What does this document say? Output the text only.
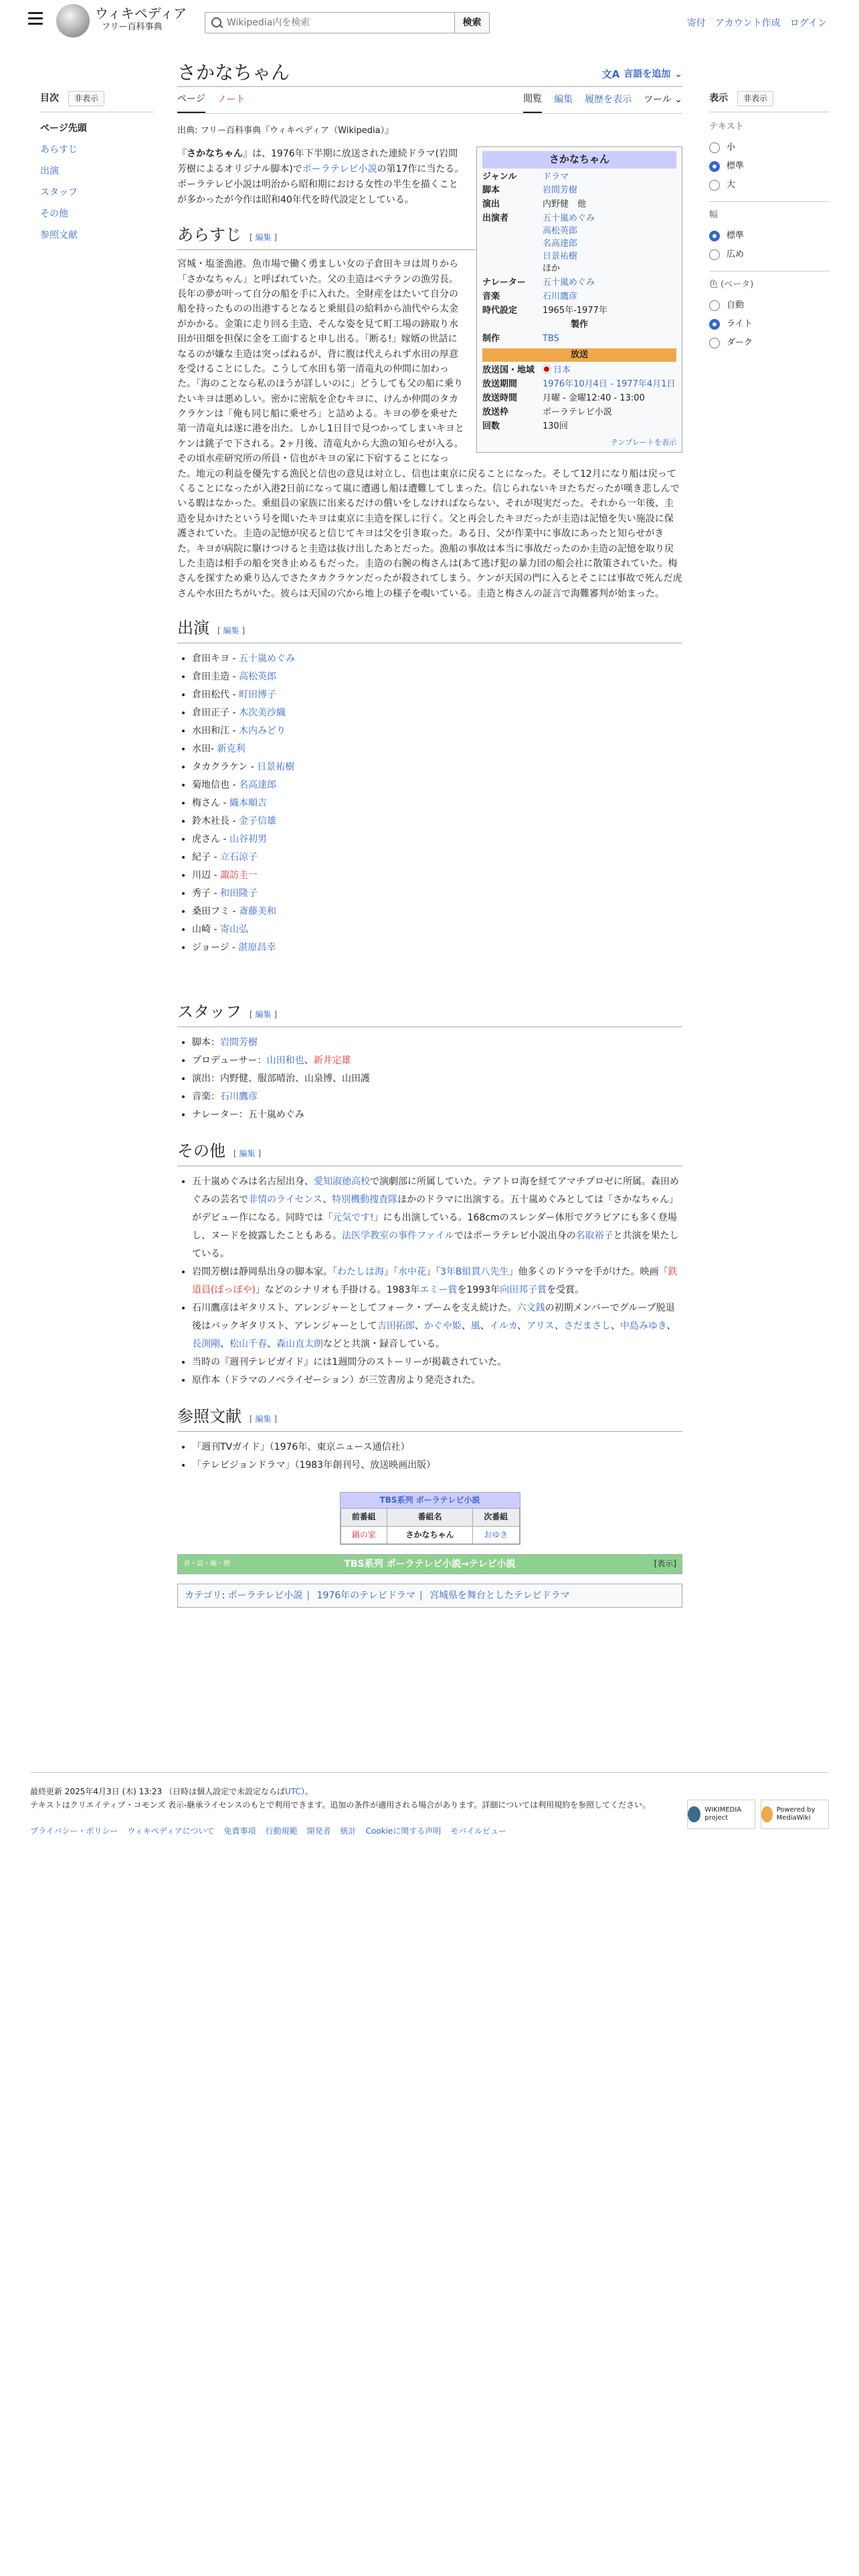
ウィキペディア
フリー百科事典
Wikipedia内を検索	検索	寄付 アカウント作成 ログイン
目次	非表示
ページ先頭
あらすじ
出演
スタッフ
その他
参照文献
表示	非表示
テキスト
小
標準
大
幅
標準
広め
色 (ベータ)
自動
ライト
ダーク
さかなちゃん	文A 言語を追加 ⌄
ページ ノート	閲覧 編集 履歴を表示 ツール
⌄
出典: フリー百科事典『ウィキペディア（Wikipedia）』
さかなちゃん
ジャンル	ドラマ
脚本	岩間芳樹
演出	内野健　他
出演者	五十嵐めぐみ
高松英郎
名高達郎
日景祐樹
ほか
ナレーター	五十嵐めぐみ
音楽	石川鷹彦
時代設定	1965年-1977年
製作
制作	TBS
放送
放送国・地域	日本
放送期間	1976年10月4日 - 1977年4月1日
放送時間	月曜 - 金曜12:40 - 13:00
放送枠	ポーラテレビ小説
回数	130回
テンプレートを表示

『さかなちゃん』は、1976年下半期に放送された連続ドラマ(岩間芳樹によるオリジナル脚本)でポーラテレビ小説の第17作に当たる。 ポーラテレビ小説は明治から昭和期における女性の半生を描くことが多かったが今作は昭和40年代を時代設定としている。

あらすじ [ 編集 ]

宮城・塩釜漁港。魚市場で働く勇ましい女の子倉田キヨは周りから「さかなちゃん」と呼ばれていた。父の圭造はベテランの漁労長。長年の夢が叶って自分の船を手に入れた。全財産をはたいて自分の船を持ったものの出港するとなると乗組員の給料から油代やら太金がかかる。金策に走り回る圭造、そんな姿を見て町工場の跡取り水田が田畑を担保に金を工面すると申し出る。「断る!」嫁婿の世話になるのが嫌な圭造は突っぱねるが、背に腹は代えられず水田の厚意を受けることにした。こうして水田も第一清竜丸の仲間に加わった。「海のことなら私のほうが詳しいのに」どうしても父の船に乗りたいキヨは悪めしい。密かに密航を企むキヨに、けんか仲間のタカクラケンは「俺も同じ船に乗せろ」と詰めよる。キヨの夢を乗せた第一清竜丸は遂に港を出た。しかし1日目で見つかってしまいキヨとケンは銚子で下される。2ヶ月後、清竜丸から大漁の知らせが入る。その頃水産研究所の所員・信也がキヨの家に下宿することになった。地元の利益を優先する漁民と信也の意見は対立し、信也は東京に戻ることになった。そして12月になり船は戻ってくることになったが入港2日前になって嵐に遭遇し船は遭難してしまった。信じられないキヨたちだったが嘆き悲しんでいる暇はなかった。乗組員の家族に出来るだけの償いをしなければならない、それが現実だった。それから一年後、圭造を見かけたという号を聞いたキヨは東京に圭造を探しに行く。父と再会したキヨだったが圭造は記憶を失い施設に保護されていた。圭造の記憶が戻ると信じてキヨは父を引き取った。ある日、父が作業中に事故にあったと知らせがきた。キヨが病院に駆けつけると圭造は抜け出したあとだった。漁船の事故は本当に事故だったのか圭造の記憶を取り戻した圭造は相手の船を突き止めるもだった。圭造の右腕の梅さんは(あて逃げ犯の暴力団の船会社に散策されていた。梅さんを探すため乗り込んでさたタカクラケンだったが殺されてしまう。ケンが天国の門に入るとそこには事故で死んだ虎さんや水田たちがいた。彼らは天国の穴から地上の様子を覗いている。圭造と梅さんの証言で海難審判が始まった。

出演 [ 編集 ]
• 倉田キヨ - 五十嵐めぐみ
• 倉田圭造 - 高松英郎
• 倉田松代 - 町田博子
• 倉田正子 - 木次美沙織
• 水田和江 - 木内みどり
• 水田- 新克利
• タカクラケン - 日景祐樹
• 菊地信也 - 名高達郎
• 梅さん - 織本順吉
• 鈴木社長 - 金子信雄
• 虎さん - 山谷初男
• 紀子 - 立石涼子
• 川辺 - 諏訪圭一
• 秀子 - 和田隆子
• 桑田フミ - 斎藤美和
• 山崎 - 寄山弘
• ジョージ - 湛原昌幸
スタッフ [ 編集 ]
• 脚本：岩間芳樹
• プロデューサー：山田和也、新井定雄
• 演出：内野健、服部晴治、山泉博、山田護
• 音楽：石川鷹彦
• ナレーター：五十嵐めぐみ
その他 [ 編集 ]
• 五十嵐めぐみは名古屋出身、愛知淑徳高校で演劇部に所属していた。テアトロ海を経てアマチプロゼに所属。森田めぐみの芸名で非情のライセンス、特別機動捜査隊ほかのドラマに出演する。五十嵐めぐみとしては「さかなちゃん」がデビュー作になる。同時では「元気です!」にも出演している。168cmのスレンダー体形でグラビアにも多く登場し、ヌードを披露したこともある。法医学教室の事件ファイルではポーラテレビ小説出身の名取裕子と共演を果たしている。
• 岩間芳樹は静岡県出身の脚本家。「わたしは海」「水中花」「3年B組貫八先生」他多くのドラマを手がけた。映画「鉄道員(ぽっぽや)」などのシナリオも手掛ける。1983年エミー賞を1993年向田邦子賞を受賞。
• 石川鷹彦はギタリスト、アレンジャーとしてフォーク・ブームを支え続けた。六文銭の初期メンバーでグループ脱退後はバックギタリスト、アレンジャーとして吉田拓郎、かぐや姫、風、イルカ、アリス、さだまさし、中島みゆき、長渕剛、松山千春、森山直太朗などと共演・録音している。
• 当時の『週刊テレビガイド』には1週間分のストーリーが掲載されていた。
• 原作本（ドラマのノベライゼーション）が三笠書房より発売された。
参照文献 [ 編集 ]
• 「週刊TVガイド」（1976年、東京ニュース通信社）
• 「テレビジョンドラマ」（1983年創刊号、放送映画出版）
TBS系列 ポーラテレビ小説
前番組	番組名	次番組
鍋の家	さかなちゃん	おゆき
表・話・編・歴	TBS系列 ポーラテレビ小説→テレビ小説	[表示]
カテゴリ: ポーラテレビ小説 | 1976年のテレビドラマ | 宮城県を舞台としたテレビドラマ
最終更新 2025年4月3日 (木) 13:23 （日時は個人設定で未設定ならばUTC）。
テキストはクリエイティブ・コモンズ 表示-継承ライセンスのもとで利用できます。追加の条件が適用される場合があります。詳細については利用規約を参照してください。
プライバシー・ポリシー ウィキペディアについて 免責事項 行動規範 開発者 統計 Cookieに関する声明 モバイルビュー
WIKIMEDIA project
Powered by MediaWiki
